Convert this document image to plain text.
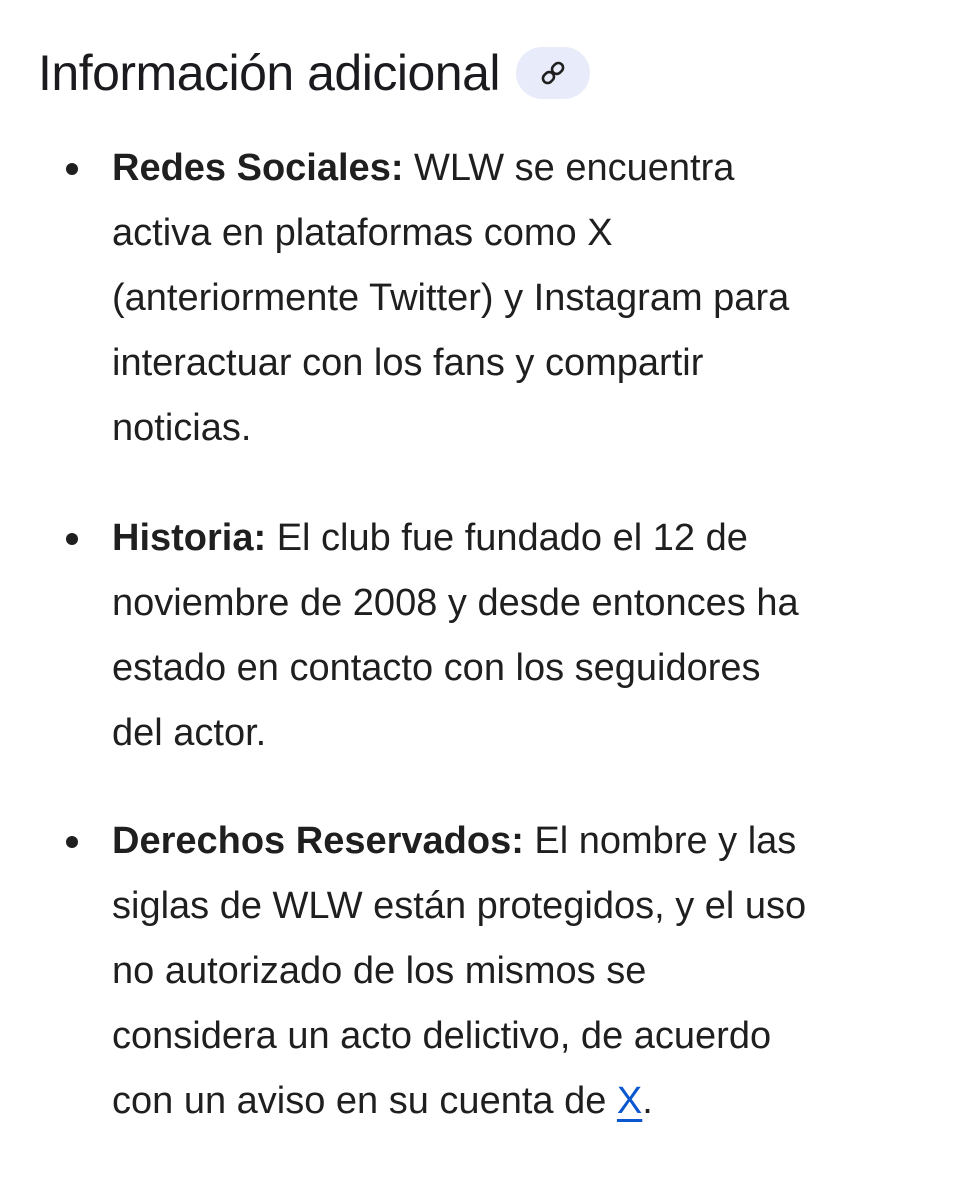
Información adicional

Redes Sociales: WLW se encuentra
activa en plataformas como X
(anteriormente Twitter) y Instagram para
interactuar con los fans y compartir
noticias.

Historia: El club fue fundado el 12 de
noviembre de 2008 y desde entonces ha
estado en contacto con los seguidores
del actor.

Derechos Reservados: El nombre y las
siglas de WLW están protegidos, y el uso
no autorizado de los mismos se
considera un acto delictivo, de acuerdo
con un aviso en su cuenta de X.
